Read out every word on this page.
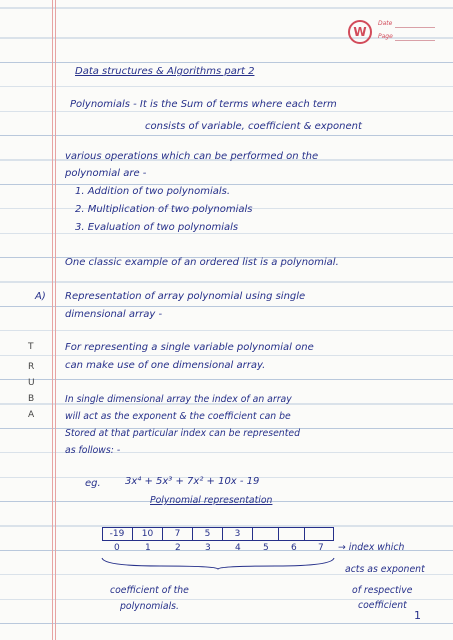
W
Date
Page
Data structures & Algorithms part 2
Polynomials - It is the Sum of terms where each term
consists of variable, coefficient & exponent
various operations which can be performed on the
polynomial are -
1. Addition of two polynomials.
2. Multiplication of two polynomials
3. Evaluation of two polynomials
One classic example of an ordered list is a polynomial.
A) Representation of array polynomial using single
dimensional array -
T
R
U
B
A
For representing a single variable polynomial one
can make use of one dimensional array.
In single dimensional array the index of an array
will act as the exponent & the coefficient can be
Stored at that particular index can be represented
as follows: -
eg. 3x⁴ + 5x³ + 7x² + 10x - 19
Polynomial representation
-19	10	7	5	3
0	1	2	3	4 5 6 7 → index which
acts as exponent
of respective
coefficient
coefficient of the
polynomials.
1
